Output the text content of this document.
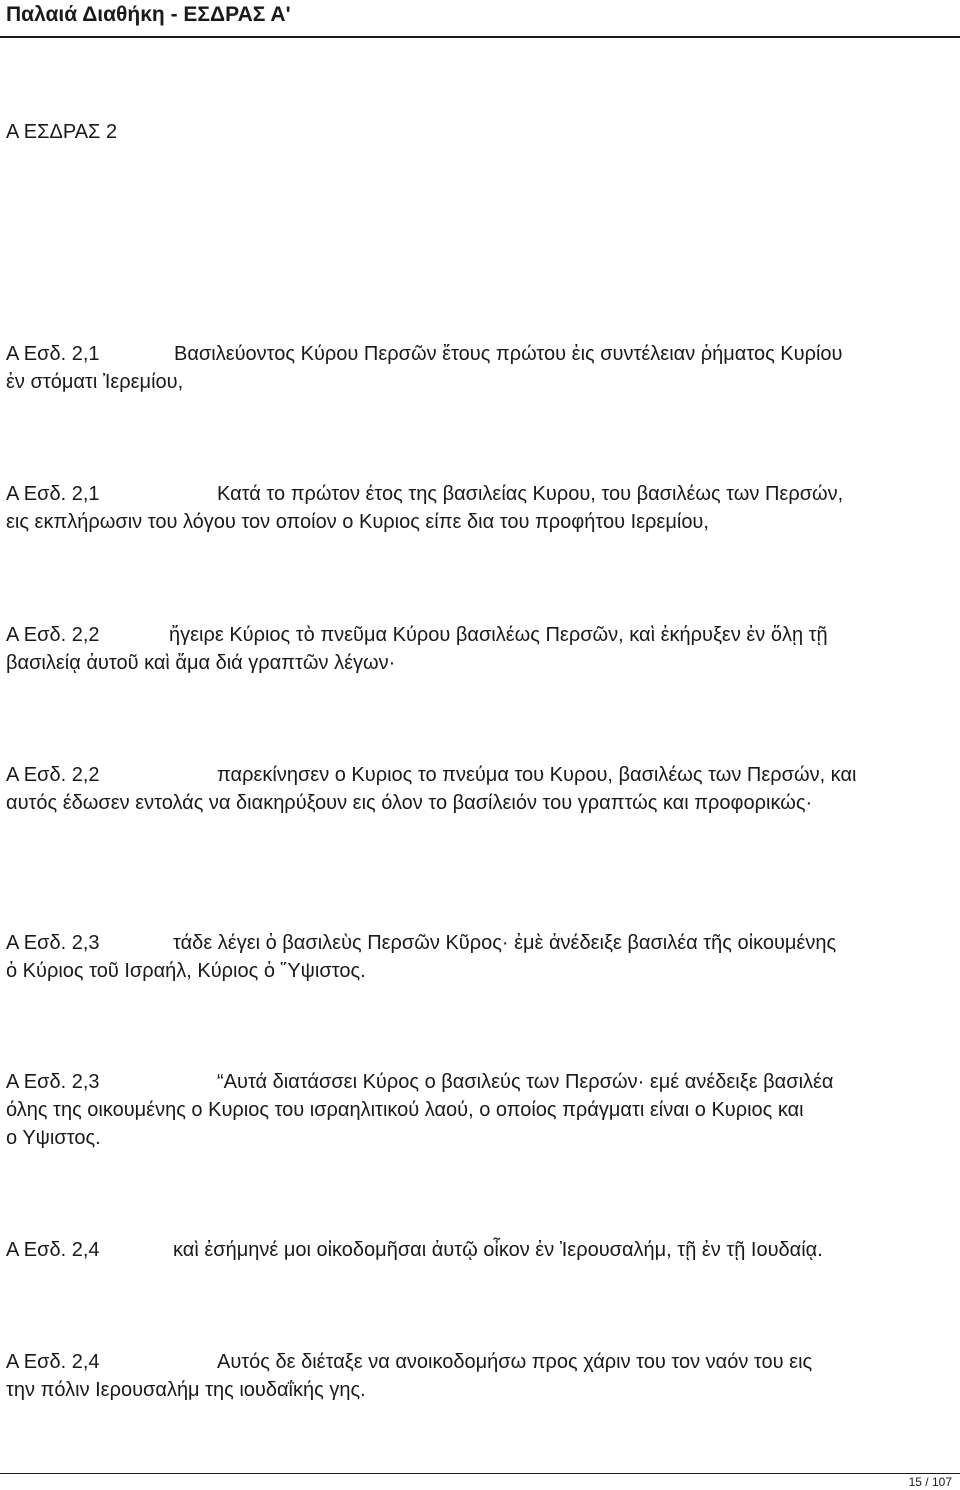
Παλαιά Διαθήκη - ΕΣΔΡΑΣ Α'
Α ΕΣΔΡΑΣ 2
Α Εσδ. 2,1	Βασιλεύοντος Κύρου Περσῶν ἔτους πρώτου ἐις συντέλειαν ῥήματος Κυρίου
ἐν στόματι Ἰερεμίου,
Α Εσδ. 2,1	Κατά το πρώτον έτος της βασιλείας Κυρου, του βασιλέως των Περσών,
εις εκπλήρωσιν του λόγου τον οποίον ο Κυριος είπε δια του προφήτου Ιερεμίου,
Α Εσδ. 2,2	ἤγειρε Κύριος τὸ πνεῦμα Κύρου βασιλέως Περσῶν, καὶ ἐκήρυξεν ἐν ὅλῃ τῇ
βασιλείᾳ ἀυτοῦ καὶ ἅμα διά γραπτῶν λέγων·
Α Εσδ. 2,2	παρεκίνησεν ο Κυριος το πνεύμα του Κυρου, βασιλέως των Περσών, και
αυτός έδωσεν εντολάς να διακηρύξουν εις όλον το βασίλειόν του γραπτώς και προφορικώς·
Α Εσδ. 2,3	τάδε λέγει ὁ βασιλεὺς Περσῶν Κῦρος· ἐμὲ ἀνέδειξε βασιλέα τῆς οἰκουμένης
ὁ Κύριος τοῦ Ισραήλ, Κύριος ὁ Ὕψιστος.
Α Εσδ. 2,3	“Αυτά διατάσσει Κύρος ο βασιλεύς των Περσών· εμέ ανέδειξε βασιλέα
όλης της οικουμένης ο Κυριος του ισραηλιτικού λαού, ο οποίος πράγματι είναι ο Κυριος και
ο Υψιστος.
Α Εσδ. 2,4	καὶ ἐσήμηνέ μοι οἰκοδομῆσαι ἀυτῷ οἶκον ἐν Ἰερουσαλήμ, τῇ ἐν τῇ Ιουδαίᾳ.
Α Εσδ. 2,4	Αυτός δε διέταξε να ανοικοδομήσω προς χάριν του τον ναόν του εις
την πόλιν Ιερουσαλήμ της ιουδαΐκής γης.
15 / 107
